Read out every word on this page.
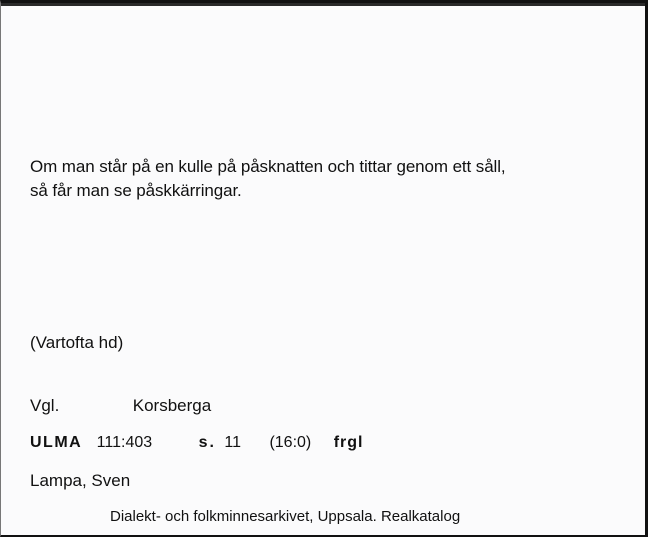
Om man står på en kulle på påsknatten och tittar genom ett såll,
så får man se påskkärringar.
(Vartofta hd)
Vgl.	Korsberga
ULMA 111:403	s. 11 (16:0) frgl
Lampa, Sven
Dialekt- och folkminnesarkivet, Uppsala. Realkatalog
